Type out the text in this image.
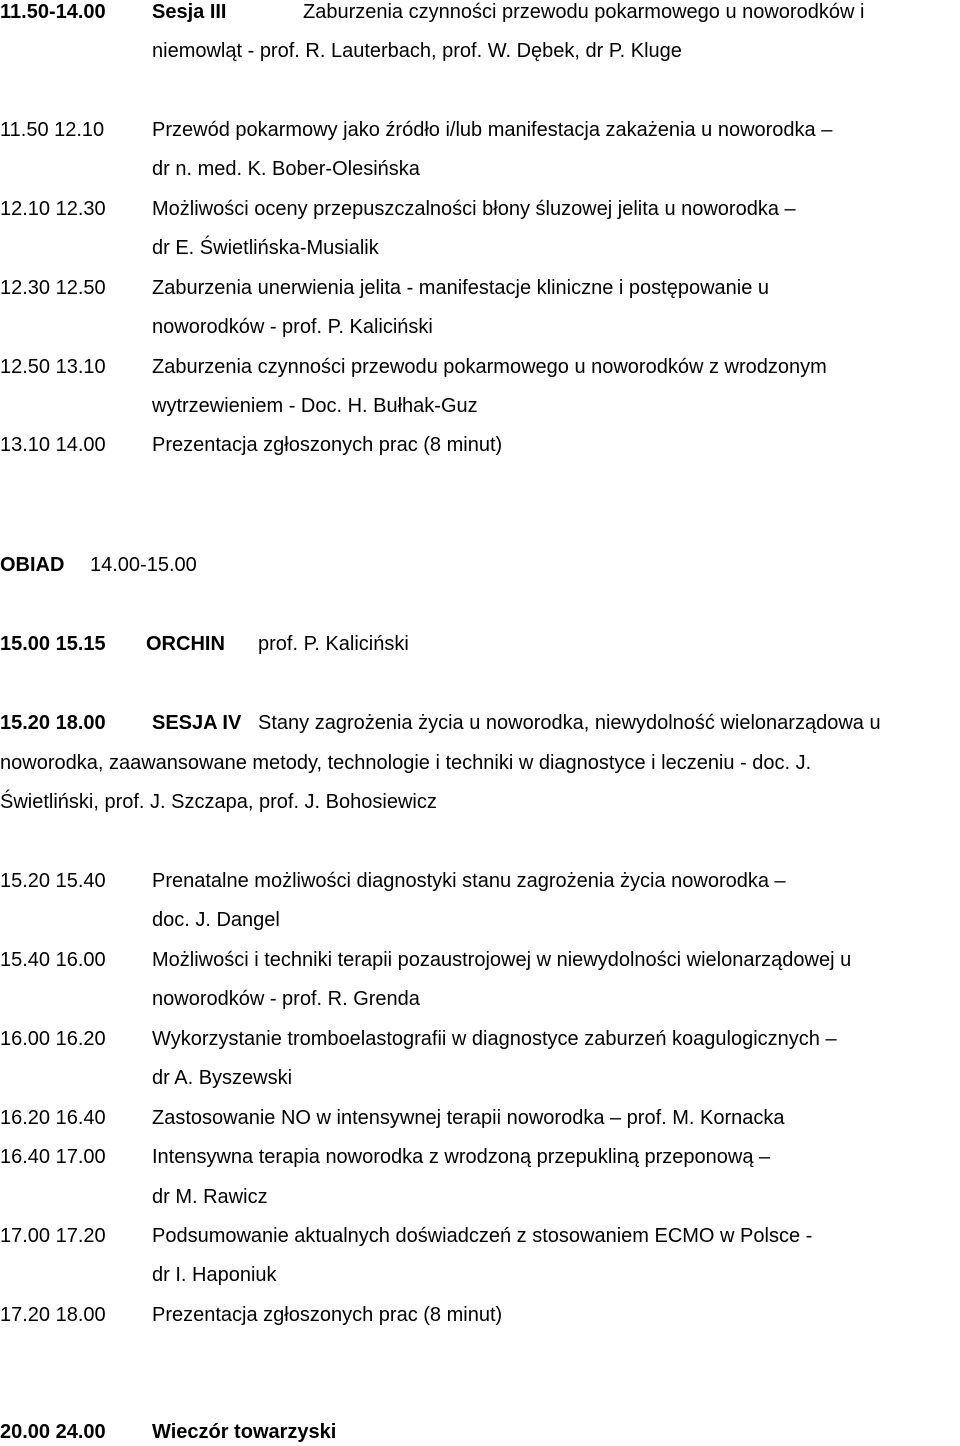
11.50-14.00 Sesja III	Zaburzenia czynności przewodu pokarmowego u noworodków i
niemowląt - prof. R. Lauterbach, prof. W. Dębek, dr P. Kluge
11.50 12.10 Przewód pokarmowy jako źródło i/lub manifestacja zakażenia u noworodka –
dr n. med. K. Bober-Olesińska
12.10 12.30 Możliwości oceny przepuszczalności błony śluzowej jelita u noworodka –
dr E. Świetlińska-Musialik
12.30 12.50 Zaburzenia unerwienia jelita - manifestacje kliniczne i postępowanie u
noworodków - prof. P. Kaliciński
12.50 13.10 Zaburzenia czynności przewodu pokarmowego u noworodków z wrodzonym
wytrzewieniem - Doc. H. Bułhak-Guz
13.10 14.00 Prezentacja zgłoszonych prac (8 minut)
OBIAD 14.00-15.00
15.00 15.15 ORCHIN prof. P. Kaliciński
15.20 18.00 SESJA IV Stany zagrożenia życia u noworodka, niewydolność wielonarządowa u
noworodka, zaawansowane metody, technologie i techniki w diagnostyce i leczeniu - doc. J.
Świetliński, prof. J. Szczapa, prof. J. Bohosiewicz
15.20 15.40 Prenatalne możliwości diagnostyki stanu zagrożenia życia noworodka –
doc. J. Dangel
15.40 16.00 Możliwości i techniki terapii pozaustrojowej w niewydolności wielonarządowej u
noworodków - prof. R. Grenda
16.00 16.20 Wykorzystanie tromboelastografii w diagnostyce zaburzeń koagulogicznych –
dr A. Byszewski
16.20 16.40 Zastosowanie NO w intensywnej terapii noworodka – prof. M. Kornacka
16.40 17.00 Intensywna terapia noworodka z wrodzoną przepukliną przeponową –
dr M. Rawicz
17.00 17.20 Podsumowanie aktualnych doświadczeń z stosowaniem ECMO w Polsce -
dr I. Haponiuk
17.20 18.00 Prezentacja zgłoszonych prac (8 minut)
20.00 24.00 Wieczór towarzyski
